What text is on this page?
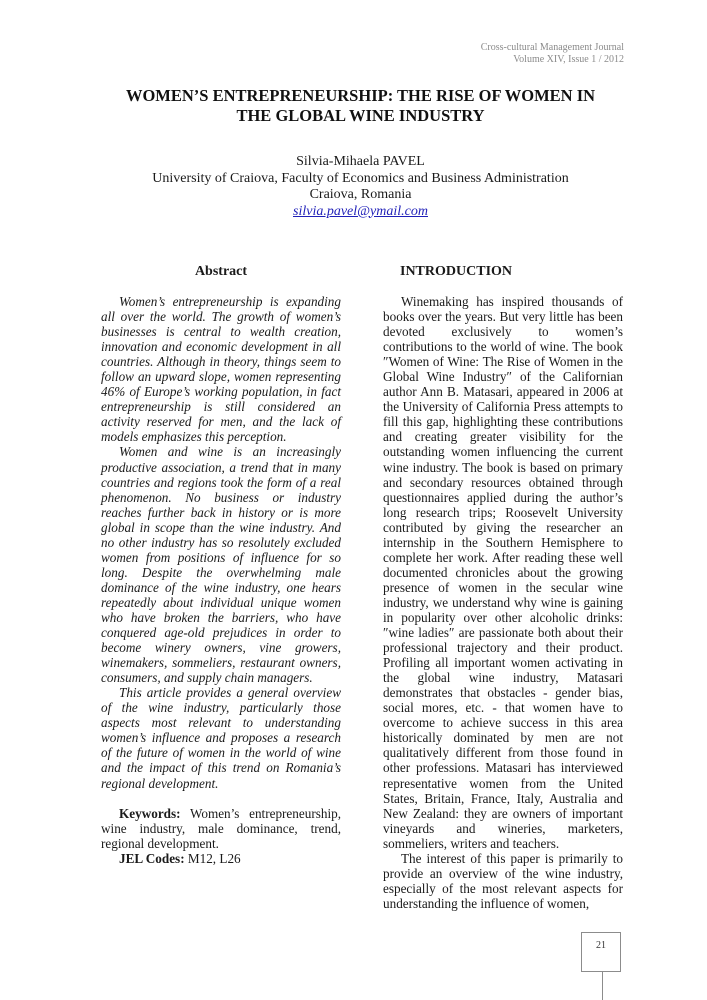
Cross-cultural Management Journal
Volume XIV, Issue 1 / 2012
WOMEN’S ENTREPRENEURSHIP: THE RISE OF WOMEN IN
THE GLOBAL WINE INDUSTRY
Silvia-Mihaela PAVEL
University of Craiova, Faculty of Economics and Business Administration
Craiova, Romania
silvia.pavel@ymail.com
Abstract

Women’s entrepreneurship is expanding all over the world. The growth of women’s businesses is central to wealth creation, innovation and economic development in all countries. Although in theory, things seem to follow an upward slope, women representing 46% of Europe’s working population, in fact entrepreneurship is still considered an activity reserved for men, and the lack of models emphasizes this perception.

Women and wine is an increasingly productive association, a trend that in many countries and regions took the form of a real phenomenon. No business or industry reaches further back in history or is more global in scope than the wine industry. And no other industry has so resolutely excluded women from positions of influence for so long. Despite the overwhelming male dominance of the wine industry, one hears repeatedly about individual unique women who have broken the barriers, who have conquered age-old prejudices in order to become winery owners, vine growers, winemakers, sommeliers, restaurant owners, consumers, and supply chain managers.

This article provides a general overview of the wine industry, particularly those aspects most relevant to understanding women’s influence and proposes a research of the future of women in the world of wine and the impact of this trend on Romania’s regional development.

Keywords: Women’s entrepreneurship, wine industry, male dominance, trend, regional development.
JEL Codes: M12, L26
INTRODUCTION

Winemaking has inspired thousands of books over the years. But very little has been devoted exclusively to women’s contributions to the world of wine. The book ″Women of Wine: The Rise of Women in the Global Wine Industry″ of the Californian author Ann B. Matasari, appeared in 2006 at the University of California Press attempts to fill this gap, highlighting these contributions and creating greater visibility for the outstanding women influencing the current wine industry. The book is based on primary and secondary resources obtained through questionnaires applied during the author’s long research trips; Roosevelt University contributed by giving the researcher an internship in the Southern Hemisphere to complete her work. After reading these well documented chronicles about the growing presence of women in the secular wine industry, we understand why wine is gaining in popularity over other alcoholic drinks: ″wine ladies″ are passionate both about their professional trajectory and their product. Profiling all important women activating in the global wine industry, Matasari demonstrates that obstacles - gender bias, social mores, etc. - that women have to overcome to achieve success in this area historically dominated by men are not qualitatively different from those found in other professions. Matasari has interviewed representative women from the United States, Britain, France, Italy, Australia and New Zealand: they are owners of important vineyards and wineries, marketers, sommeliers, writers and teachers.

The interest of this paper is primarily to provide an overview of the wine industry, especially of the most relevant aspects for understanding the influence of women,

21
